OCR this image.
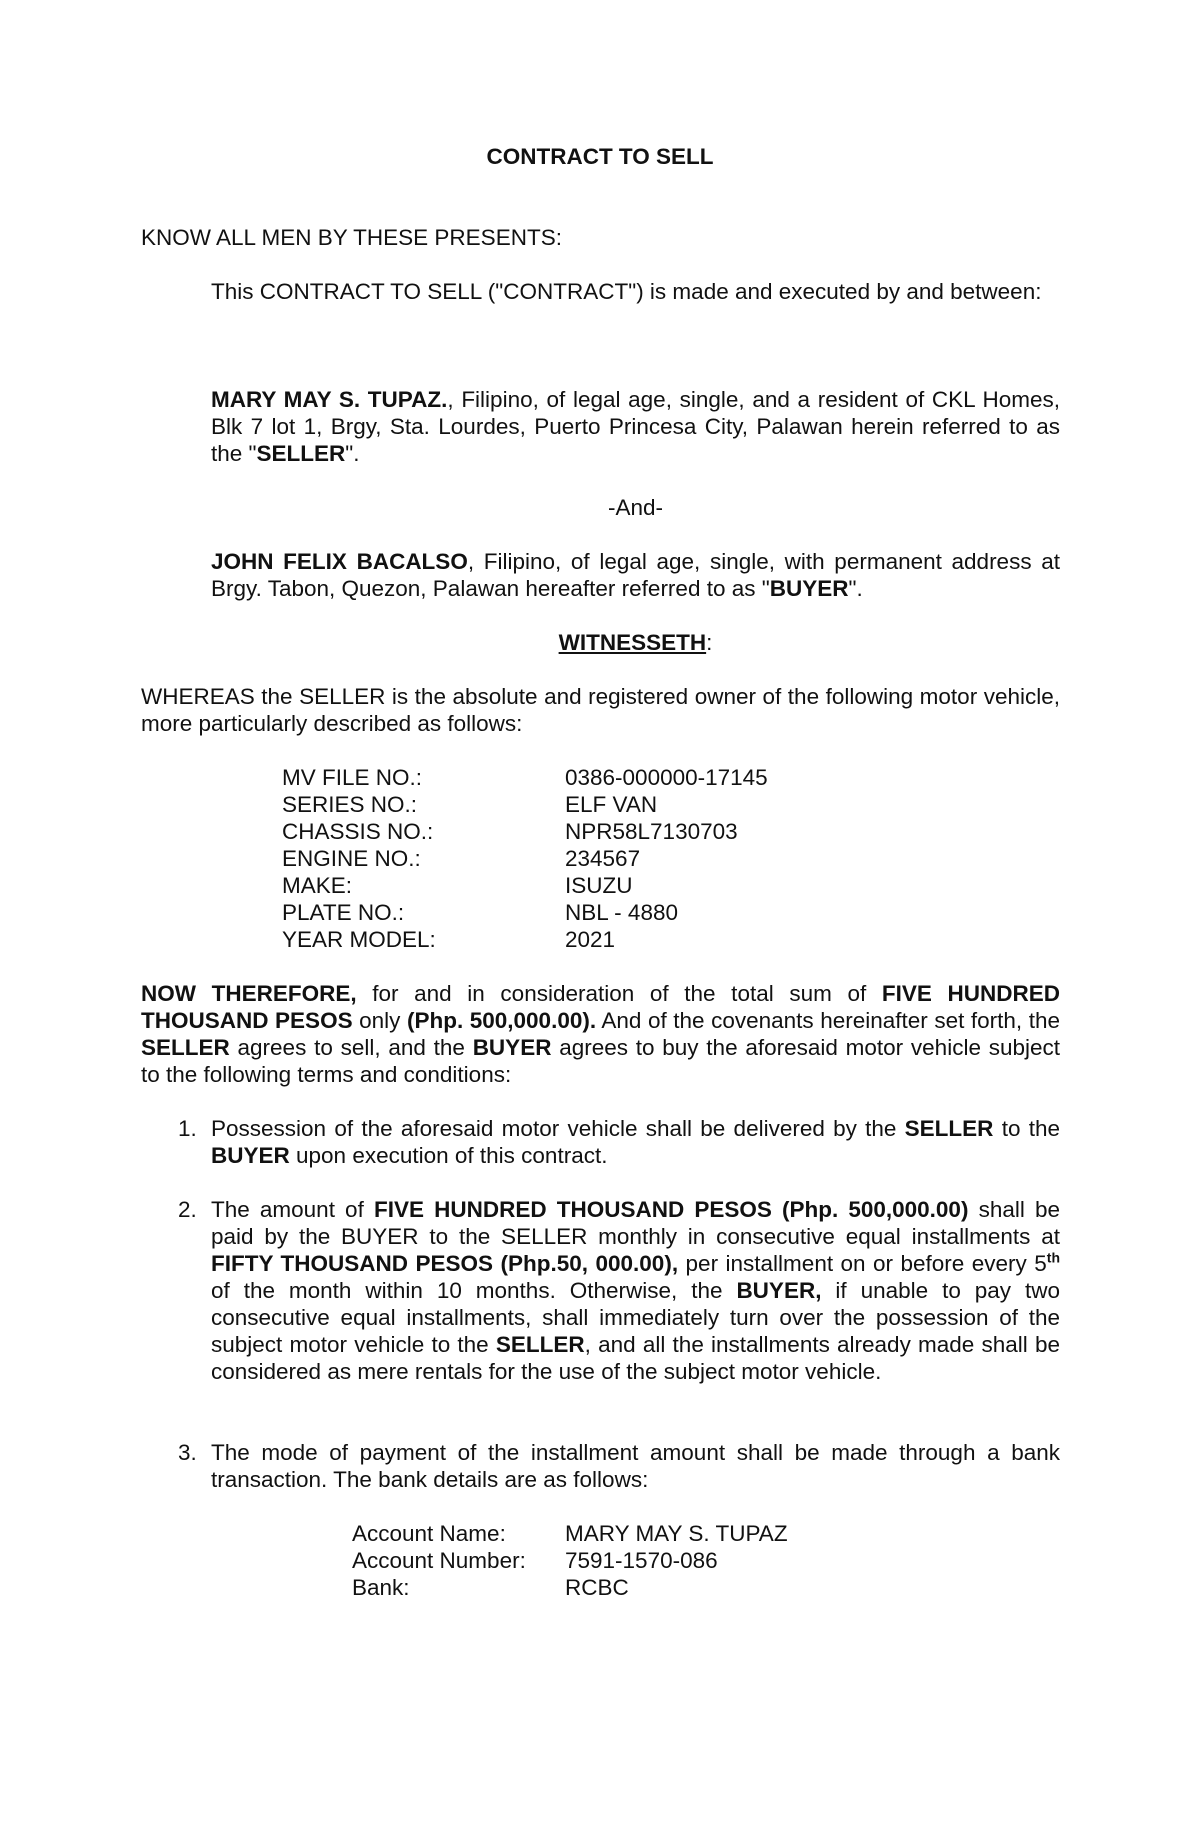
CONTRACT TO SELL

KNOW ALL MEN BY THESE PRESENTS:

This CONTRACT TO SELL ("CONTRACT") is made and executed by and between:

MARY MAY S. TUPAZ., Filipino, of legal age, single, and a resident of CKL Homes, Blk 7 lot 1, Brgy, Sta. Lourdes, Puerto Princesa City, Palawan herein referred to as the "SELLER".

-And-

JOHN FELIX BACALSO, Filipino, of legal age, single, with permanent address at Brgy. Tabon, Quezon, Palawan hereafter referred to as "BUYER".

WITNESSETH:

WHEREAS the SELLER is the absolute and registered owner of the following motor vehicle, more particularly described as follows:

MV FILE NO.:	0386-000000-17145
SERIES NO.:	ELF VAN
CHASSIS NO.:	NPR58L7130703
ENGINE NO.:	234567
MAKE:	ISUZU
PLATE NO.:	NBL - 4880
YEAR MODEL:	2021

NOW THEREFORE, for and in consideration of the total sum of FIVE HUNDRED THOUSAND PESOS only (Php. 500,000.00). And of the covenants hereinafter set forth, the SELLER agrees to sell, and the BUYER agrees to buy the aforesaid motor vehicle subject to the following terms and conditions:

1. Possession of the aforesaid motor vehicle shall be delivered by the SELLER to the BUYER upon execution of this contract.
2. The amount of FIVE HUNDRED THOUSAND PESOS (Php. 500,000.00) shall be paid by the BUYER to the SELLER monthly in consecutive equal installments at FIFTY THOUSAND PESOS (Php.50, 000.00), per installment on or before every 5th of the month within 10 months. Otherwise, the BUYER, if unable to pay two consecutive equal installments, shall immediately turn over the possession of the subject motor vehicle to the SELLER, and all the installments already made shall be considered as mere rentals for the use of the subject motor vehicle.
3. The mode of payment of the installment amount shall be made through a bank transaction. The bank details are as follows:
Account Name:	MARY MAY S. TUPAZ
Account Number:	7591-1570-086
Bank:	RCBC
